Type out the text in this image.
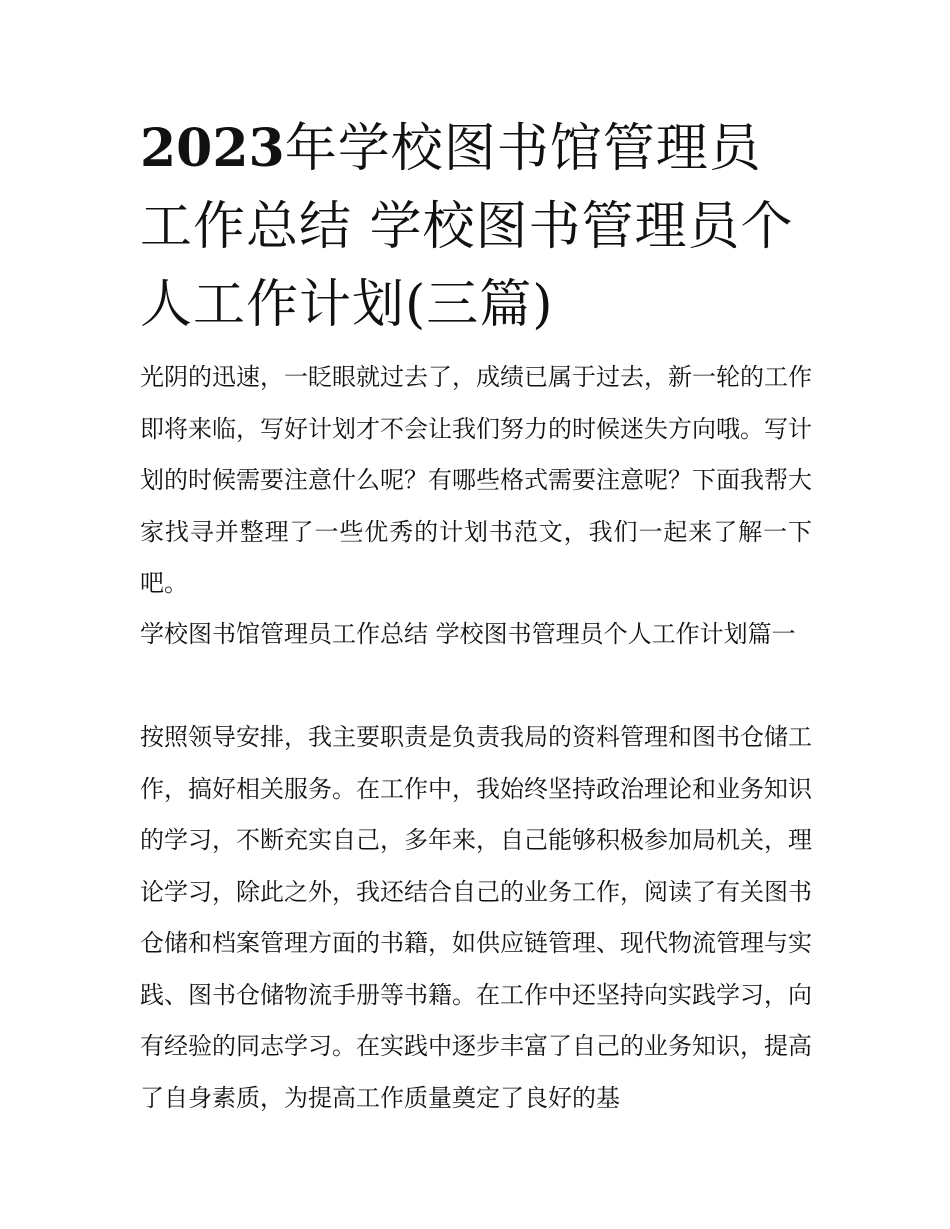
2023年学校图书馆管理员工作总结 学校图书管理员个人工作计划(三篇)

光阴的迅速，一眨眼就过去了，成绩已属于过去，新一轮的工作即将来临，写好计划才不会让我们努力的时候迷失方向哦。写计划的时候需要注意什么呢？有哪些格式需要注意呢？下面我帮大家找寻并整理了一些优秀的计划书范文，我们一起来了解一下吧。

学校图书馆管理员工作总结 学校图书管理员个人工作计划篇一

按照领导安排，我主要职责是负责我局的资料管理和图书仓储工作，搞好相关服务。在工作中，我始终坚持政治理论和业务知识的学习，不断充实自己，多年来，自己能够积极参加局机关，理论学习，除此之外，我还结合自己的业务工作，阅读了有关图书仓储和档案管理方面的书籍，如供应链管理、现代物流管理与实践、图书仓储物流手册等书籍。在工作中还坚持向实践学习，向有经验的同志学习。在实践中逐步丰富了自己的业务知识，提高了自身素质，为提高工作质量奠定了良好的基
